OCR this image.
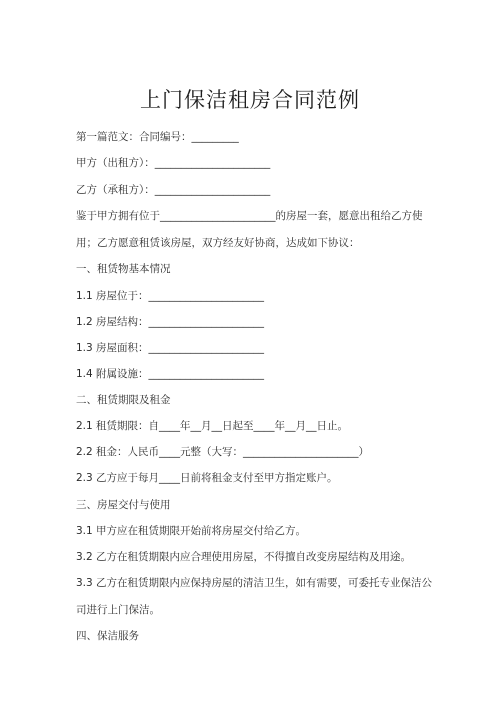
上门保洁租房合同范例
第一篇范文：合同编号：_________
甲方（出租方）：______________________
乙方（承租方）：______________________
鉴于甲方拥有位于______________________的房屋一套，愿意出租给乙方使
用；乙方愿意租赁该房屋，双方经友好协商，达成如下协议：
一、租赁物基本情况
1.1 房屋位于：______________________
1.2 房屋结构：______________________
1.3 房屋面积：______________________
1.4 附属设施：______________________
二、租赁期限及租金
2.1 租赁期限：自____年__月__日起至____年__月__日止。
2.2 租金：人民币____元整（大写：______________________）
2.3 乙方应于每月____日前将租金支付至甲方指定账户。
三、房屋交付与使用
3.1 甲方应在租赁期限开始前将房屋交付给乙方。
3.2 乙方在租赁期限内应合理使用房屋，不得擅自改变房屋结构及用途。
3.3 乙方在租赁期限内应保持房屋的清洁卫生，如有需要，可委托专业保洁公
司进行上门保洁。
四、保洁服务
